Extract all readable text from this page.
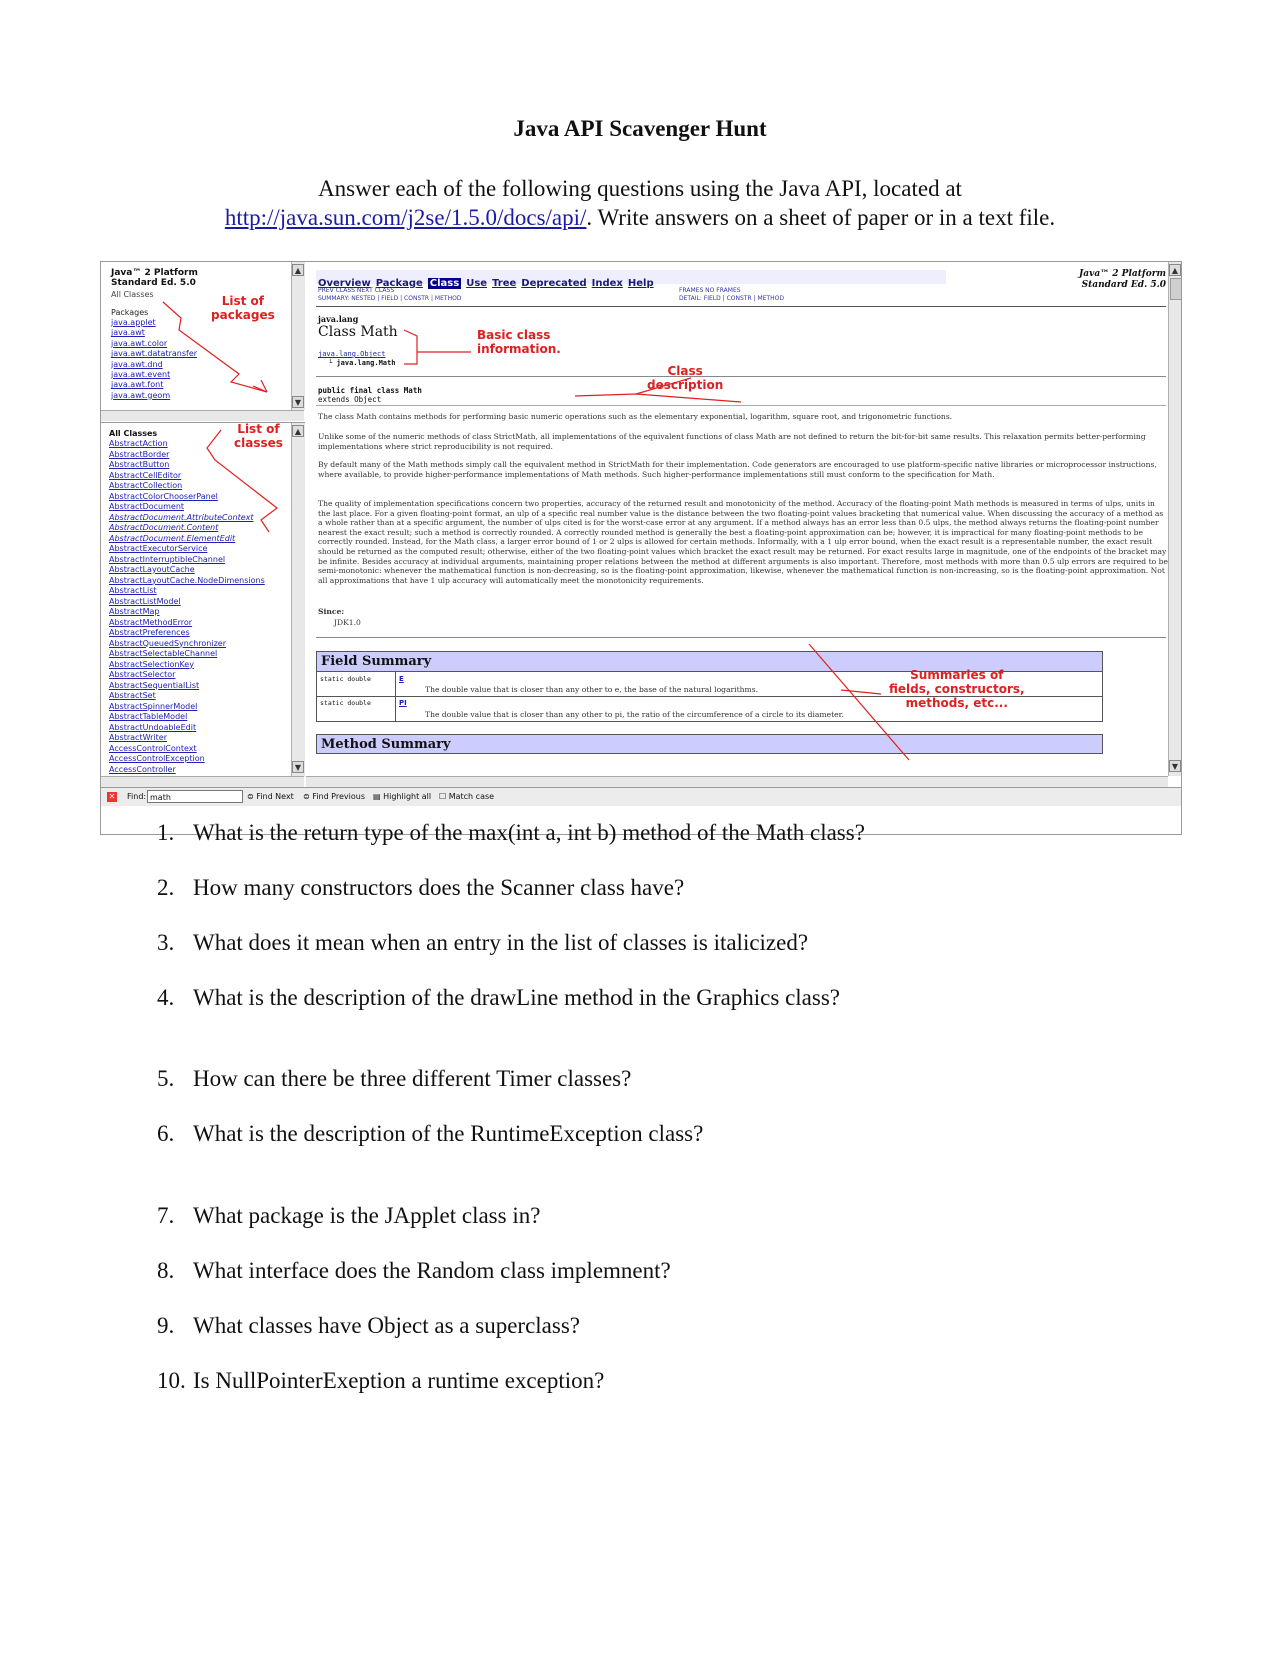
Java API Scavenger Hunt
Answer each of the following questions using the Java API, located at
http://java.sun.com/j2se/1.5.0/docs/api/. Write answers on a sheet of paper or in a text file.
Java™ 2 Platform
Standard Ed. 5.0
All Classes
Packages
java.applet
java.awt
java.awt.color
java.awt.datatransfer
java.awt.dnd
java.awt.event
java.awt.font
java.awt.geom
▲
▼
All Classes
AbstractAction
AbstractBorder
AbstractButton
AbstractCellEditor
AbstractCollection
AbstractColorChooserPanel
AbstractDocument
AbstractDocument.AttributeContext
AbstractDocument.Content
AbstractDocument.ElementEdit
AbstractExecutorService
AbstractInterruptibleChannel
AbstractLayoutCache
AbstractLayoutCache.NodeDimensions
AbstractList
AbstractListModel
AbstractMap
AbstractMethodError
AbstractPreferences
AbstractQueuedSynchronizer
AbstractSelectableChannel
AbstractSelectionKey
AbstractSelector
AbstractSequentialList
AbstractSet
AbstractSpinnerModel
AbstractTableModel
AbstractUndoableEdit
AbstractWriter
AccessControlContext
AccessControlException
AccessController
▲
▼
Overview Package Class Use Tree Deprecated Index Help
PREV CLASS NEXT CLASS
SUMMARY: NESTED | FIELD | CONSTR | METHOD
FRAMES NO FRAMES
DETAIL: FIELD | CONSTR | METHOD
Java™ 2 Platform
Standard Ed. 5.0
java.lang
Class Math
java.lang.Object
└ java.lang.Math
public final class Math
extends Object
The class Math contains methods for performing basic numeric operations such as the elementary exponential, logarithm, square root, and trigonometric functions.
Unlike some of the numeric methods of class StrictMath, all implementations of the equivalent functions of class Math are not defined to return the bit-for-bit same results. This relaxation permits better-performing implementations where strict reproducibility is not required.
By default many of the Math methods simply call the equivalent method in StrictMath for their implementation. Code generators are encouraged to use platform-specific native libraries or microprocessor instructions, where available, to provide higher-performance implementations of Math methods. Such higher-performance implementations still must conform to the specification for Math.
The quality of implementation specifications concern two properties, accuracy of the returned result and monotonicity of the method. Accuracy of the floating-point Math methods is measured in terms of ulps, units in the last place. For a given floating-point format, an ulp of a specific real number value is the distance between the two floating-point values bracketing that numerical value. When discussing the accuracy of a method as a whole rather than at a specific argument, the number of ulps cited is for the worst-case error at any argument. If a method always has an error less than 0.5 ulps, the method always returns the floating-point number nearest the exact result; such a method is correctly rounded. A correctly rounded method is generally the best a floating-point approximation can be; however, it is impractical for many floating-point methods to be correctly rounded. Instead, for the Math class, a larger error bound of 1 or 2 ulps is allowed for certain methods. Informally, with a 1 ulp error bound, when the exact result is a representable number, the exact result should be returned as the computed result; otherwise, either of the two floating-point values which bracket the exact result may be returned. For exact results large in magnitude, one of the endpoints of the bracket may be infinite. Besides accuracy at individual arguments, maintaining proper relations between the method at different arguments is also important. Therefore, most methods with more than 0.5 ulp errors are required to be semi-monotonic: whenever the mathematical function is non-decreasing, so is the floating-point approximation, likewise, whenever the mathematical function is non-increasing, so is the floating-point approximation. Not all approximations that have 1 ulp accuracy will automatically meet the monotonicity requirements.
Since:
JDK1.0
Field Summary
static double	E
The double value that is closer than any other to e, the base of the natural logarithms.
static double	PI
The double value that is closer than any other to pi, the ratio of the circumference of a circle to its diameter.
Method Summary
▲
▼
✕ Find: math	⊜ Find Next ⊜ Find Previous ▤ Highlight all ☐ Match case
List of
packages
List of
classes
Basic class
information.
Class
description
Summaries of
fields, constructors,
methods, etc...
1. What is the return type of the max(int a, int b) method of the Math class?
2. How many constructors does the Scanner class have?
3. What does it mean when an entry in the list of classes is italicized?
4. What is the description of the drawLine method in the Graphics class?
5. How can there be three different Timer classes?
6. What is the description of the RuntimeException class?
7. What package is the JApplet class in?
8. What interface does the Random class implemnent?
9. What classes have Object as a superclass?
10. Is NullPointerExeption a runtime exception?
